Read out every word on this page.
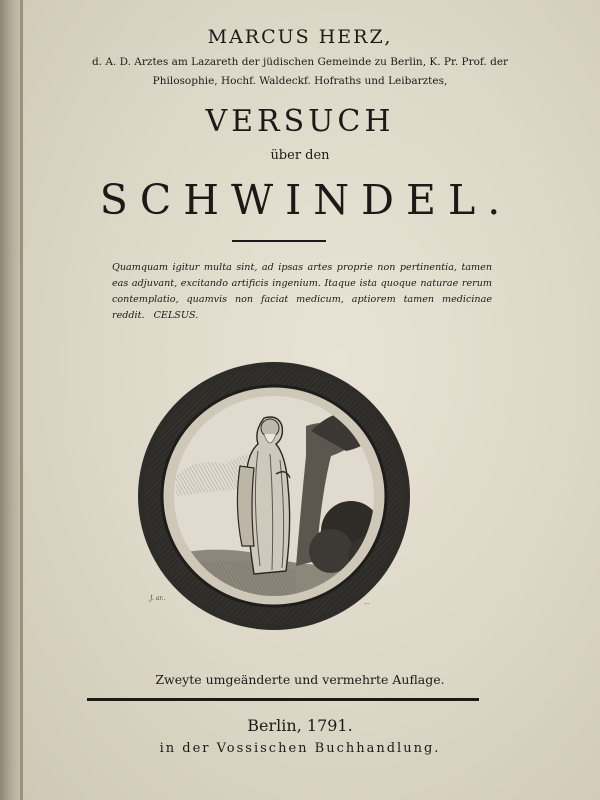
MARCUS HERZ,
d. A. D. Arztes am Lazareth der jüdischen Gemeinde zu Berlin, K. Pr. Prof. der
Philosophie, Hochf. Waldeckf. Hofraths und Leibarztes,
VERSUCH
über den
SCHWINDEL.
Quamquam igitur multa sint, ad ipsas artes proprie non pertinentia, tamen eas adjuvant, excitando artificis ingenium. Itaque ista quoque naturae rerum contemplatio, quamvis non faciat medicum, aptiorem tamen medicinae reddit. CELSUS.
J. ar..
...
Zweyte umgeänderte und vermehrte Auflage.
Berlin, 1791.
in der Vossischen Buchhandlung.
